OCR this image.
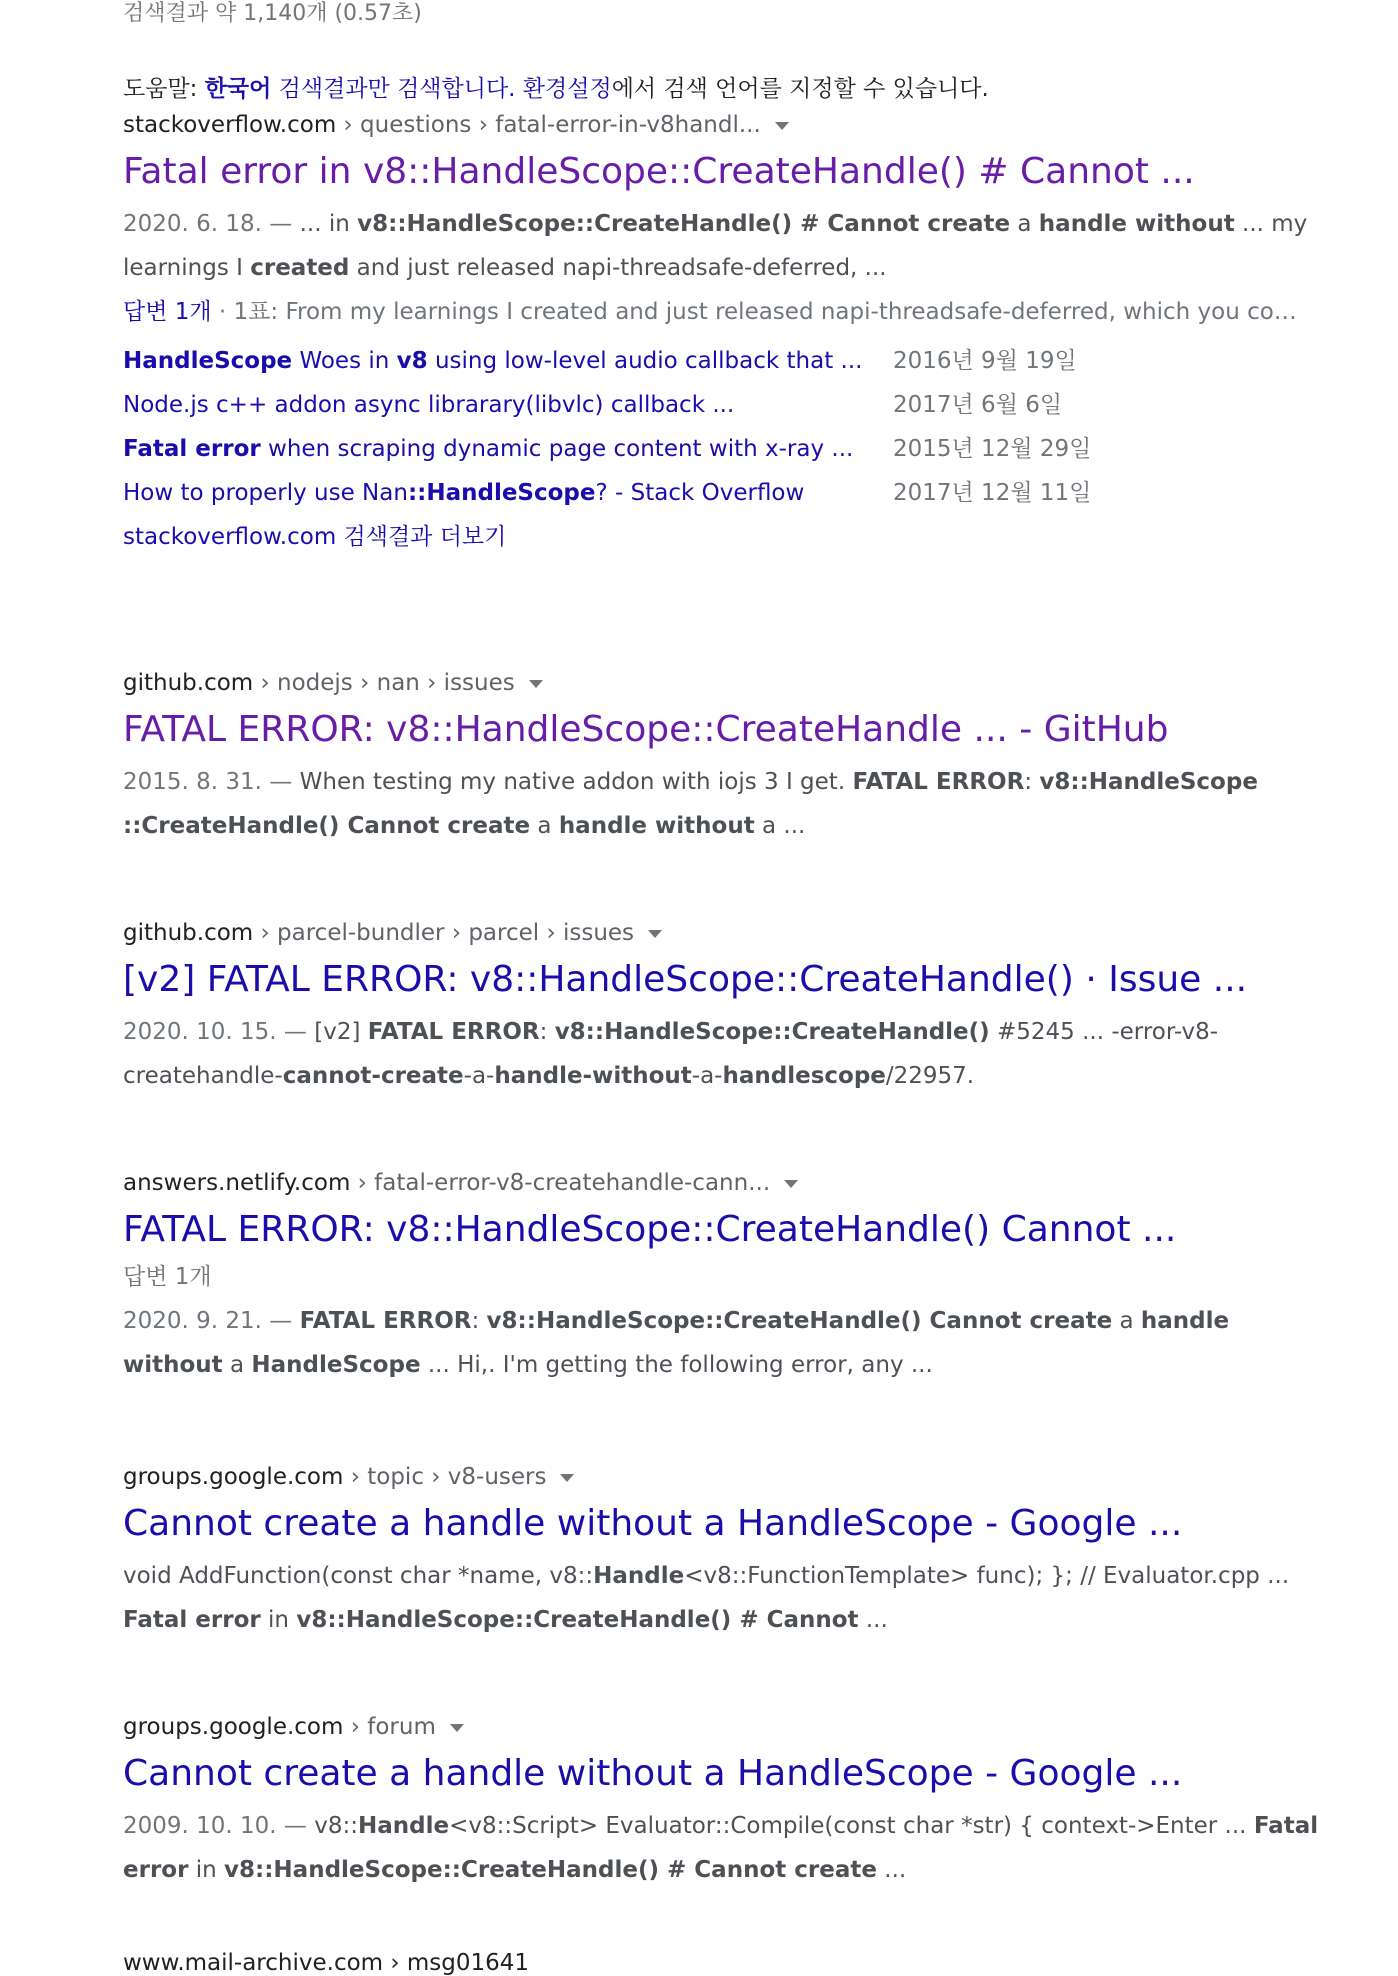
검색결과 약 1,140개 (0.57초)

도움말: 한국어 검색결과만 검색합니다. 환경설정에서 검색 언어를 지정할 수 있습니다.

stackoverflow.com › questions › fatal-error-in-v8handl...
Fatal error in v8::HandleScope::CreateHandle() # Cannot ...
2020. 6. 18. — ... in v8::HandleScope::CreateHandle() # Cannot create a handle without ... my learnings I created and just released napi-threadsafe-deferred, ...
답변 1개 · 1표: From my learnings I created and just released napi-threadsafe-deferred, which you co…
HandleScope Woes in v8 using low-level audio callback that ...	2016년 9월 19일
Node.js c++ addon async librarary(libvlc) callback ...	2017년 6월 6일
Fatal error when scraping dynamic page content with x-ray ...	2015년 12월 29일
How to properly use Nan::HandleScope? - Stack Overflow	2017년 12월 11일
stackoverflow.com 검색결과 더보기
github.com › nodejs › nan › issues
FATAL ERROR: v8::HandleScope::CreateHandle ... - GitHub
2015. 8. 31. — When testing my native addon with iojs 3 I get. FATAL ERROR: v8::HandleScope ::CreateHandle() Cannot create a handle without a ...
github.com › parcel-bundler › parcel › issues
[v2] FATAL ERROR: v8::HandleScope::CreateHandle() · Issue ...
2020. 10. 15. — [v2] FATAL ERROR: v8::HandleScope::CreateHandle() #5245 ... -error-v8-createhandle-cannot-create-a-handle-without-a-handlescope/22957.
answers.netlify.com › fatal-error-v8-createhandle-cann...
FATAL ERROR: v8::HandleScope::CreateHandle() Cannot ...
답변 1개
2020. 9. 21. — FATAL ERROR: v8::HandleScope::CreateHandle() Cannot create a handle without a HandleScope ... Hi,. I'm getting the following error, any ...
groups.google.com › topic › v8-users
Cannot create a handle without a HandleScope - Google ...
void AddFunction(const char *name, v8::Handle<v8::FunctionTemplate> func); }; // Evaluator.cpp ... Fatal error in v8::HandleScope::CreateHandle() # Cannot ...
groups.google.com › forum
Cannot create a handle without a HandleScope - Google ...
2009. 10. 10. — v8::Handle<v8::Script> Evaluator::Compile(const char *str) { context->Enter ... Fatal error in v8::HandleScope::CreateHandle() # Cannot create ...
www.mail-archive.com › msg01641
